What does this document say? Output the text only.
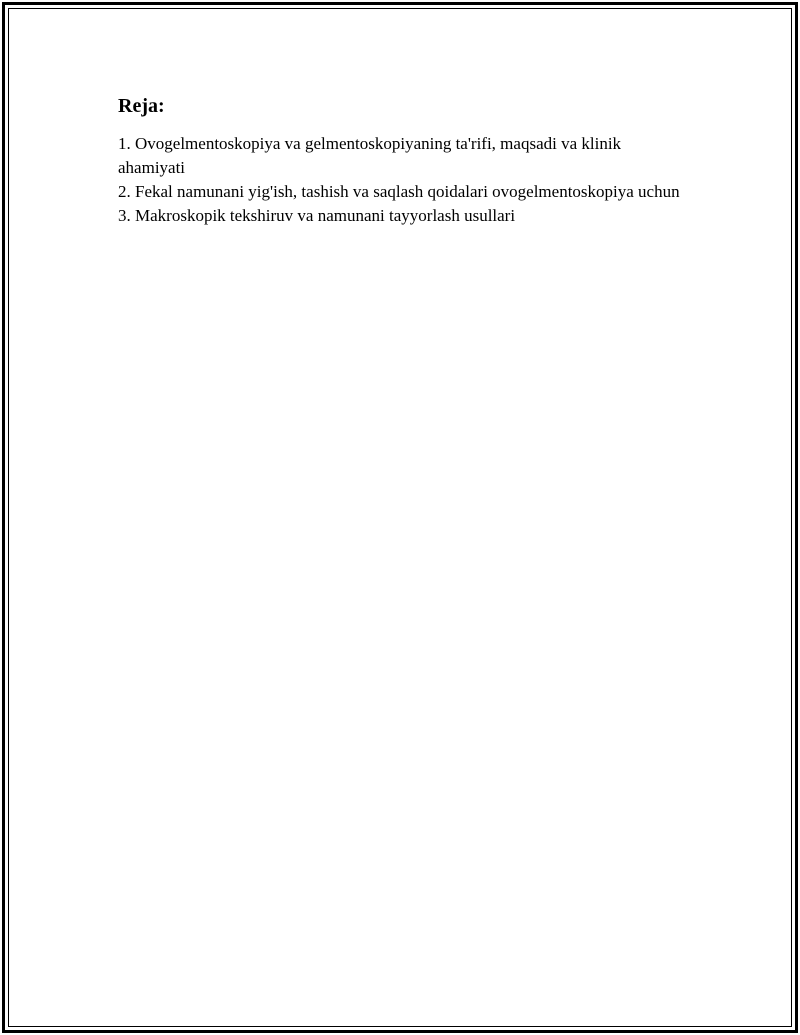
Reja:
1. Ovogelmentoskopiya va gelmentoskopiyaning ta'rifi, maqsadi va klinik ahamiyati
2. Fekal namunani yig'ish, tashish va saqlash qoidalari ovogelmentoskopiya uchun
3. Makroskopik tekshiruv va namunani tayyorlash usullari
